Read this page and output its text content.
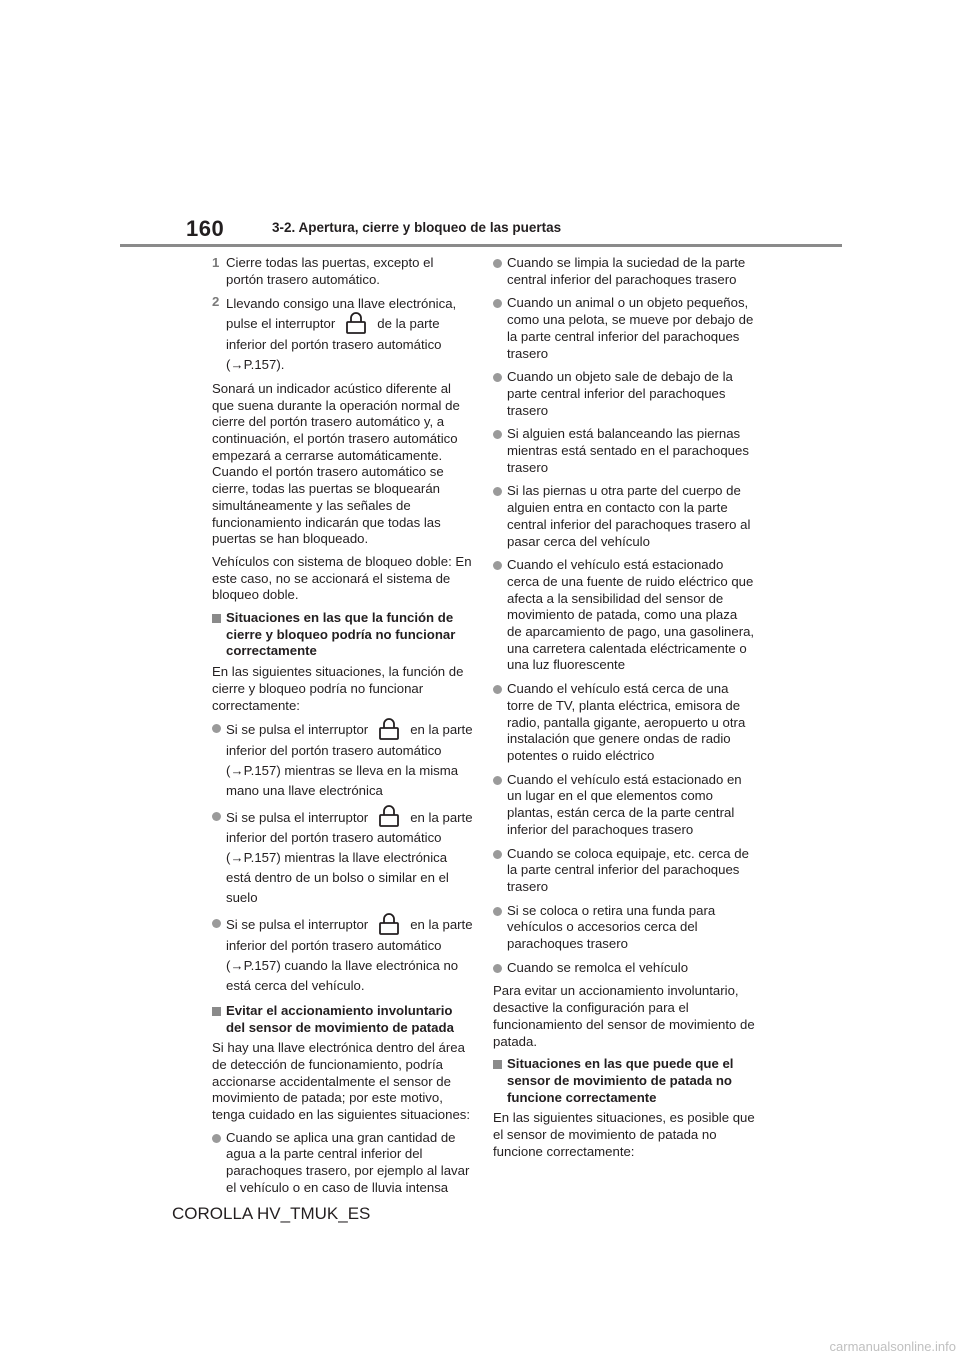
160	3-2. Apertura, cierre y bloqueo de las puertas
1 Cierre todas las puertas, excepto el portón trasero automático.
2 Llevando consigo una llave electrónica,
pulse el interruptor	de la parte inferior del portón trasero automático (→P.157).

Sonará un indicador acústico diferente al que suena durante la operación normal de cierre del portón trasero automático y, a continuación, el portón trasero automático empezará a cerrarse automáticamente. Cuando el portón trasero automático se cierre, todas las puertas se bloquearán simultáneamente y las señales de funcionamiento indicarán que todas las puertas se han bloqueado.

Vehículos con sistema de bloqueo doble: En este caso, no se accionará el sistema de bloqueo doble.

Situaciones en las que la función de cierre y bloqueo podría no funcionar correctamente

En las siguientes situaciones, la función de cierre y bloqueo podría no funcionar correctamente:

Si se pulsa el interruptor	en la parte inferior del portón trasero automático (→P.157) mientras se lleva en la misma mano una llave electrónica
Si se pulsa el interruptor	en la parte inferior del portón trasero automático (→P.157) mientras la llave electrónica está dentro de un bolso o similar en el suelo
Si se pulsa el interruptor	en la parte inferior del portón trasero automático (→P.157) cuando la llave electrónica no está cerca del vehículo.
Evitar el accionamiento involuntario del sensor de movimiento de patada

Si hay una llave electrónica dentro del área de detección de funcionamiento, podría accionarse accidentalmente el sensor de movimiento de patada; por este motivo, tenga cuidado en las siguientes situaciones:

Cuando se aplica una gran cantidad de agua a la parte central inferior del parachoques trasero, por ejemplo al lavar el vehículo o en caso de lluvia intensa
Cuando se limpia la suciedad de la parte central inferior del parachoques trasero
Cuando un animal o un objeto pequeños, como una pelota, se mueve por debajo de la parte central inferior del parachoques trasero
Cuando un objeto sale de debajo de la parte central inferior del parachoques trasero
Si alguien está balanceando las piernas mientras está sentado en el parachoques trasero
Si las piernas u otra parte del cuerpo de alguien entra en contacto con la parte central inferior del parachoques trasero al pasar cerca del vehículo
Cuando el vehículo está estacionado cerca de una fuente de ruido eléctrico que afecta a la sensibilidad del sensor de movimiento de patada, como una plaza de aparcamiento de pago, una gasolinera, una carretera calentada eléctricamente o una luz fluorescente
Cuando el vehículo está cerca de una torre de TV, planta eléctrica, emisora de radio, pantalla gigante, aeropuerto u otra instalación que genere ondas de radio potentes o ruido eléctrico
Cuando el vehículo está estacionado en un lugar en el que elementos como plantas, están cerca de la parte central inferior del parachoques trasero
Cuando se coloca equipaje, etc. cerca de la parte central inferior del parachoques trasero
Si se coloca o retira una funda para vehículos o accesorios cerca del parachoques trasero
Cuando se remolca el vehículo

Para evitar un accionamiento involuntario, desactive la configuración para el funcionamiento del sensor de movimiento de patada.

Situaciones en las que puede que el sensor de movimiento de patada no funcione correctamente

En las siguientes situaciones, es posible que el sensor de movimiento de patada no funcione correctamente:

COROLLA HV_TMUK_ES
carmanualsonline.info
